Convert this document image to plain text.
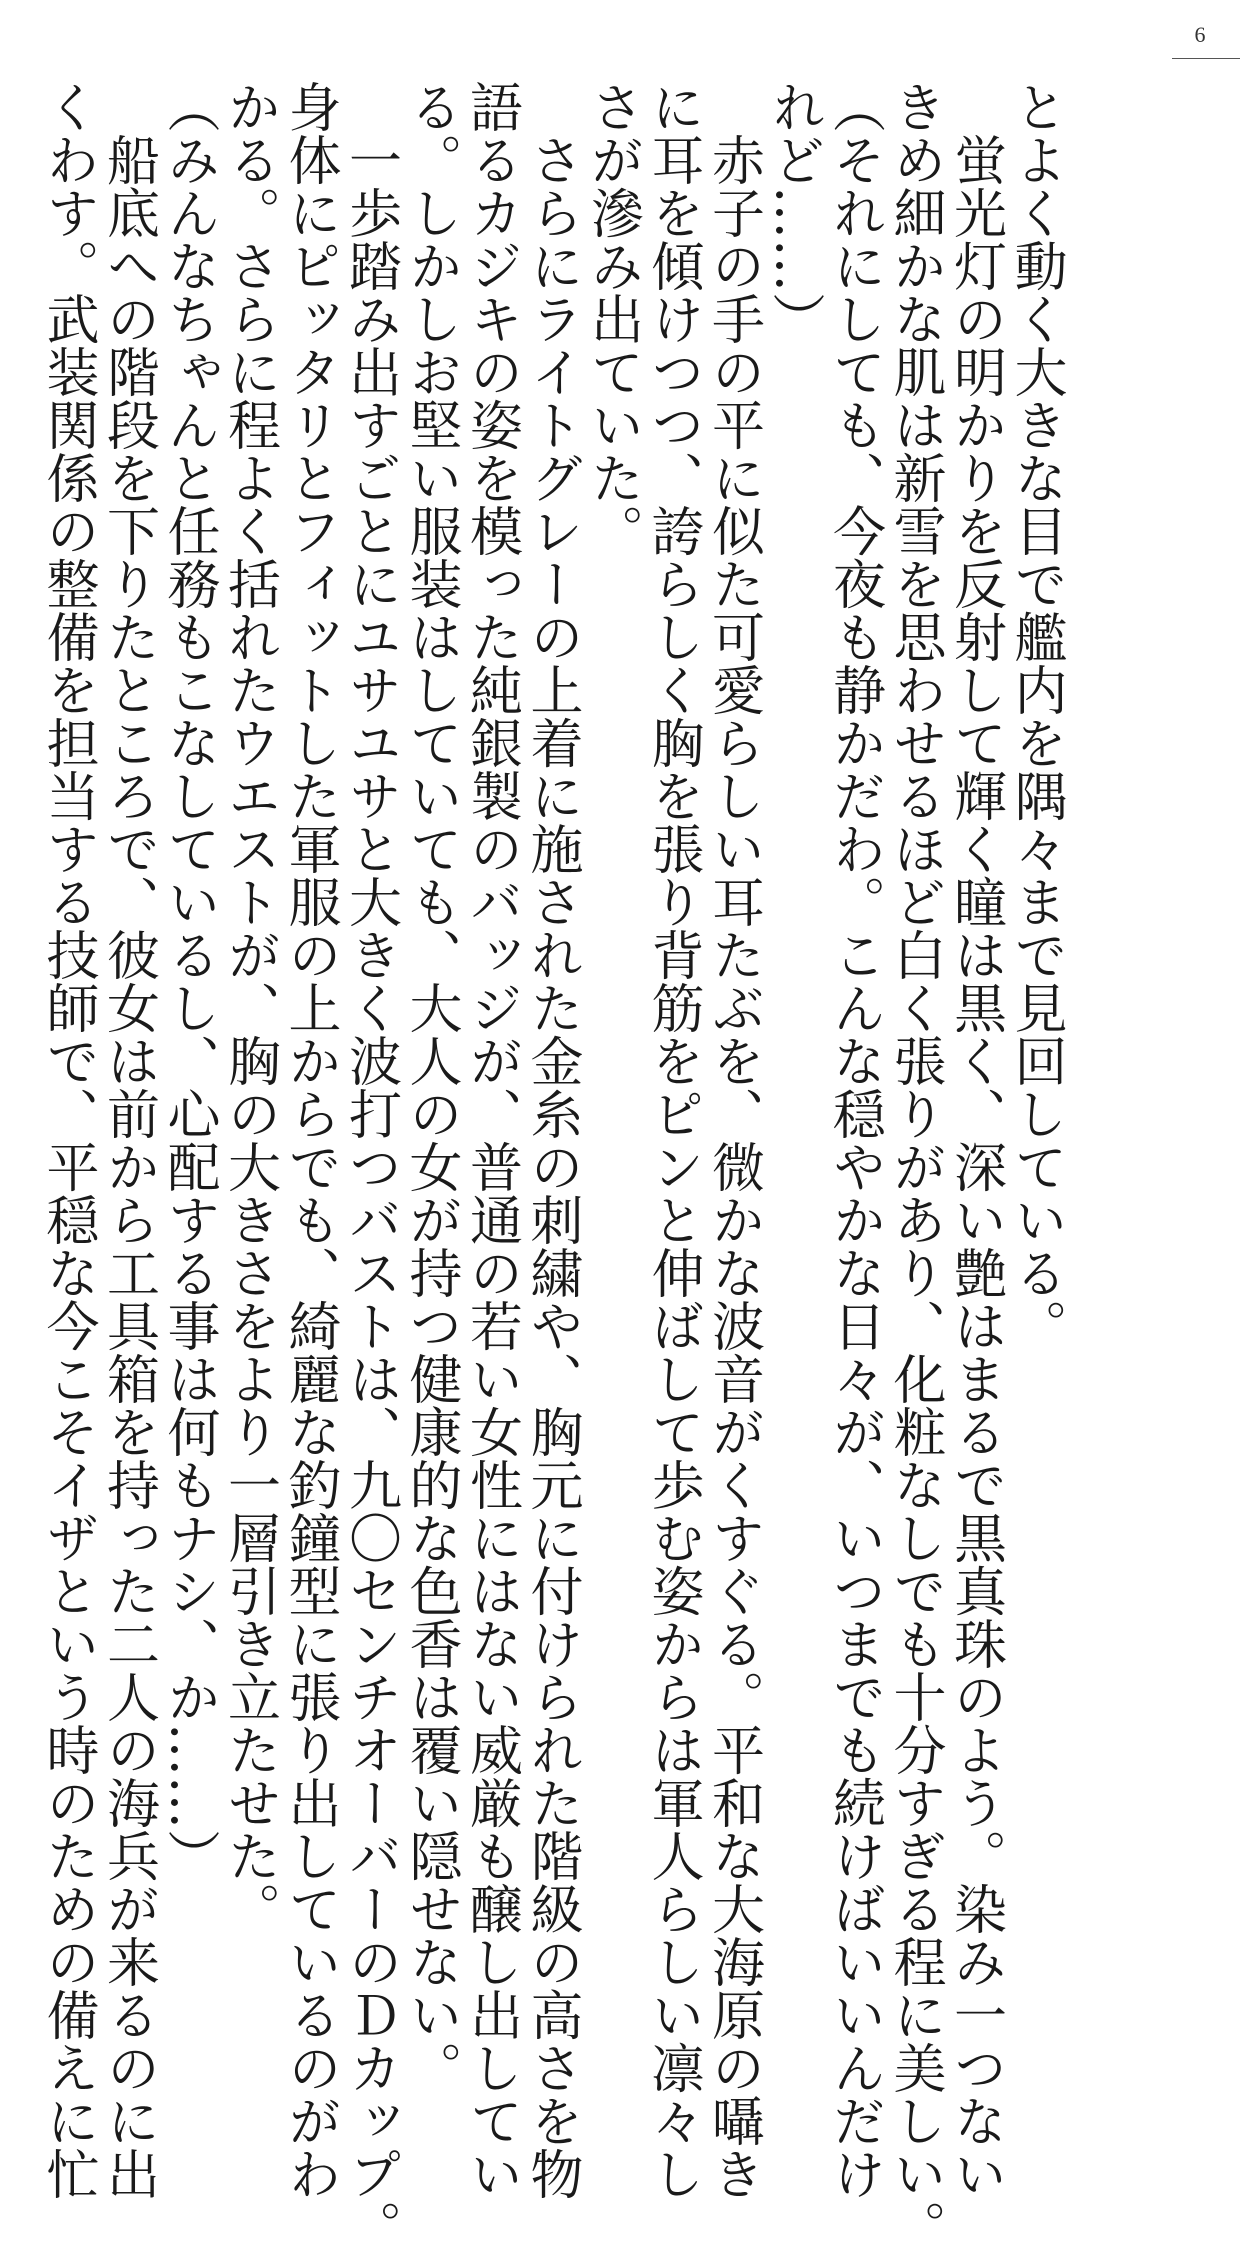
6
とよく動く大きな目で艦内を隅々まで見回している。
　蛍光灯の明かりを反射して輝く瞳は黒く、深い艶はまるで黒真珠のよう。染み一つない
きめ細かな肌は新雪を思わせるほど白く張りがあり、化粧なしでも十分すぎる程に美しい。
（それにしても、今夜も静かだわ。こんな穏やかな日々が、いつまでも続けばいいんだけ
れど……）
　赤子の手の平に似た可愛らしい耳たぶを、微かな波音がくすぐる。平和な大海原の囁き
に耳を傾けつつ、誇らしく胸を張り背筋をピンと伸ばして歩む姿からは軍人らしい凛々し
さが滲み出ていた。
　さらにライトグレーの上着に施された金糸の刺繍や、胸元に付けられた階級の高さを物
語るカジキの姿を模った純銀製のバッジが、普通の若い女性にはない威厳も醸し出してい
る。しかしお堅い服装はしていても、大人の女が持つ健康的な色香は覆い隠せない。
　一歩踏み出すごとにユサユサと大きく波打つバストは、九〇センチオーバーのＤカップ。
身体にピッタリとフィットした軍服の上からでも、綺麗な釣鐘型に張り出しているのがわ
かる。さらに程よく括れたウエストが、胸の大きさをより一層引き立たせた。
（みんなちゃんと任務もこなしているし、心配する事は何もナシ、か……）
　船底への階段を下りたところで、彼女は前から工具箱を持った二人の海兵が来るのに出
くわす。武装関係の整備を担当する技師で、平穏な今こそイザという時のための備えに忙
